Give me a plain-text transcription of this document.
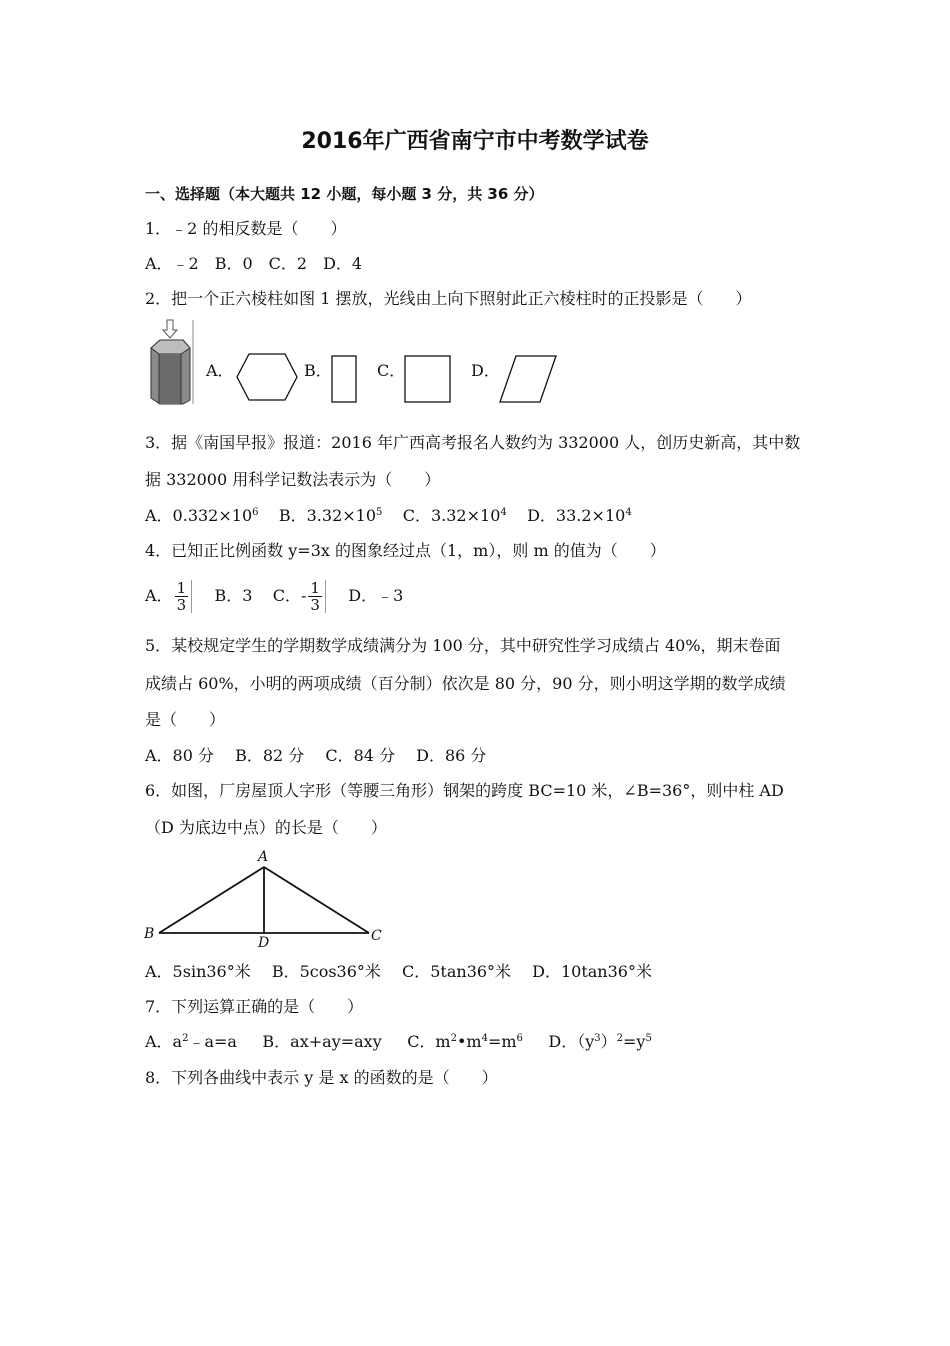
2016年广西省南宁市中考数学试卷
一、选择题（本大题共 12 小题，每小题 3 分，共 36 分）
1．﹣2 的相反数是（　　）
A．﹣2　B．0　C．2　D．4
2．把一个正六棱柱如图 1 摆放，光线由上向下照射此正六棱柱时的正投影是（　　）
A．	B．	C．	D．
3．据《南国早报》报道：2016 年广西高考报名人数约为 332000 人，创历史新高，其中数
据 332000 用科学记数法表示为（　　）
A．$0.332\times 10^6$ B．$3.32\times 10^5$ C．$3.32\times 10^4$ D．$33.2\times 10^4$
4．已知正比例函数 y=3x 的图象经过点（1，m），则 m 的值为（　　）
A． $\frac{1}{3}$ B．3 C．- $\frac{1}{3}$ D．﹣3
5．某校规定学生的学期数学成绩满分为 100 分，其中研究性学习成绩占 40%，期末卷面
成绩占 60%，小明的两项成绩（百分制）依次是 80 分，90 分，则小明这学期的数学成绩
是（　　）
A．80 分　 B．82 分　 C．84 分　 D．86 分
6．如图，厂房屋顶人字形（等腰三角形）钢架的跨度 BC=10 米，∠B=36°，则中柱 AD
（D 为底边中点）的长是（　　）
A
B	C
D
A．5sin36°米　 B．5cos36°米　 C．5tan36°米　 D．10tan36°米
7．下列运算正确的是（　　）
A．$a^2﹣a=a$ B．ax+ay=axy C．$m^2•m^4=m^6$ D．$(y^3)^2=y^5$
8．下列各曲线中表示 y 是 x 的函数的是（　　）
